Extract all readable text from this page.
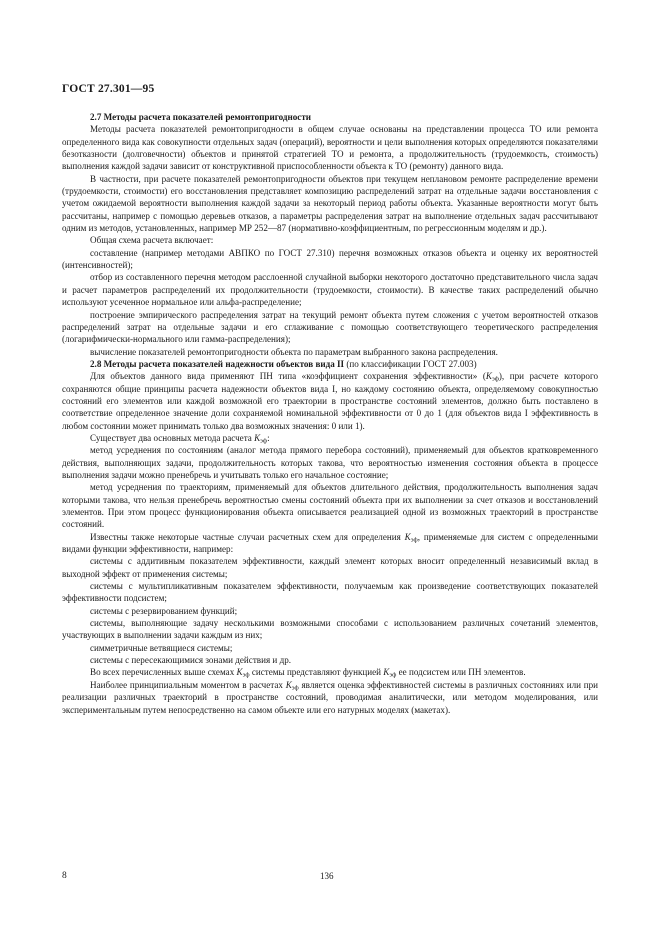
ГОСТ 27.301—95

2.7 Методы расчета показателей ремонтопригодности

Методы расчета показателей ремонтопригодности в общем случае основаны на представлении процесса ТО или ремонта определенного вида как совокупности отдельных задач (операций), вероятности и цели выполнения которых определяются показателями безотказности (долговечности) объектов и принятой стратегией ТО и ремонта, а продолжительность (трудоемкость, стоимость) выполнения каждой задачи зависит от конструктивной приспособленности объекта к ТО (ремонту) данного вида.

В частности, при расчете показателей ремонтопригодности объектов при текущем неплановом ремонте распределение времени (трудоемкости, стоимости) его восстановления представляет композицию распределений затрат на отдельные задачи восстановления с учетом ожидаемой вероятности выполнения каждой задачи за некоторый период работы объекта. Указанные вероятности могут быть рассчитаны, например с помощью деревьев отказов, а параметры распределения затрат на выполнение отдельных задач рассчитывают одним из методов, установленных, например МР 252—87 (нормативно-коэффициентным, по регрессионным моделям и др.).

Общая схема расчета включает:

составление (например методами АВПКО по ГОСТ 27.310) перечня возможных отказов объекта и оценку их вероятностей (интенсивностей);

отбор из составленного перечня методом расслоенной случайной выборки некоторого достаточно представительного числа задач и расчет параметров распределений их продолжительности (трудоемкости, стоимости). В качестве таких распределений обычно используют усеченное нормальное или альфа-распределение;

построение эмпирического распределения затрат на текущий ремонт объекта путем сложения с учетом вероятностей отказов распределений затрат на отдельные задачи и его сглаживание с помощью соответствующего теоретического распределения (логарифмически-нормального или гамма-распределения);

вычисление показателей ремонтопригодности объекта по параметрам выбранного закона распределения.

2.8 Методы расчета показателей надежности объектов вида II (по классификации ГОСТ 27.003)

Для объектов данного вида применяют ПН типа «коэффициент сохранения эффективности» $(K_{эф})$, при расчете которого сохраняются общие принципы расчета надежности объектов вида I, но каждому состоянию объекта, определяемому совокупностью состояний его элементов или каждой возможной его траектории в пространстве состояний элементов, должно быть поставлено в соответствие определенное значение доли сохраняемой номинальной эффективности от 0 до 1 (для объектов вида I эффективность в любом состоянии может принимать только два возможных значения: 0 или 1).

Существует два основных метода расчета $K_{эф}$:

метод усреднения по состояниям (аналог метода прямого перебора состояний), применяемый для объектов кратковременного действия, выполняющих задачи, продолжительность которых такова, что вероятностью изменения состояния объекта в процессе выполнения задачи можно пренебречь и учитывать только его начальное состояние;

метод усреднения по траекториям, применяемый для объектов длительного действия, продолжительность выполнения задач которыми такова, что нельзя пренебречь вероятностью смены состояний объекта при их выполнении за счет отказов и восстановлений элементов. При этом процесс функционирования объекта описывается реализацией одной из возможных траекторий в пространстве состояний.

Известны также некоторые частные случаи расчетных схем для определения $K_{эф}$, применяемые для систем с определенными видами функции эффективности, например:

системы с аддитивным показателем эффективности, каждый элемент которых вносит определенный независимый вклад в выходной эффект от применения системы;

системы с мультипликативным показателем эффективности, получаемым как произведение соответствующих показателей эффективности подсистем;

системы с резервированием функций;

системы, выполняющие задачу несколькими возможными способами с использованием различных сочетаний элементов, участвующих в выполнении задачи каждым из них;

симметричные ветвящиеся системы;

системы с пересекающимися зонами действия и др.

Во всех перечисленных выше схемах $K_{эф}$ системы представляют функцией $K_{эф}$ ее подсистем или ПН элементов.

Наиболее принципиальным моментом в расчетах $K_{эф}$ является оценка эффективностей системы в различных состояниях или при реализации различных траекторий в пространстве состояний, проводимая аналитически, или методом моделирования, или экспериментальным путем непосредственно на самом объекте или его натурных моделях (макетах).

8	136
